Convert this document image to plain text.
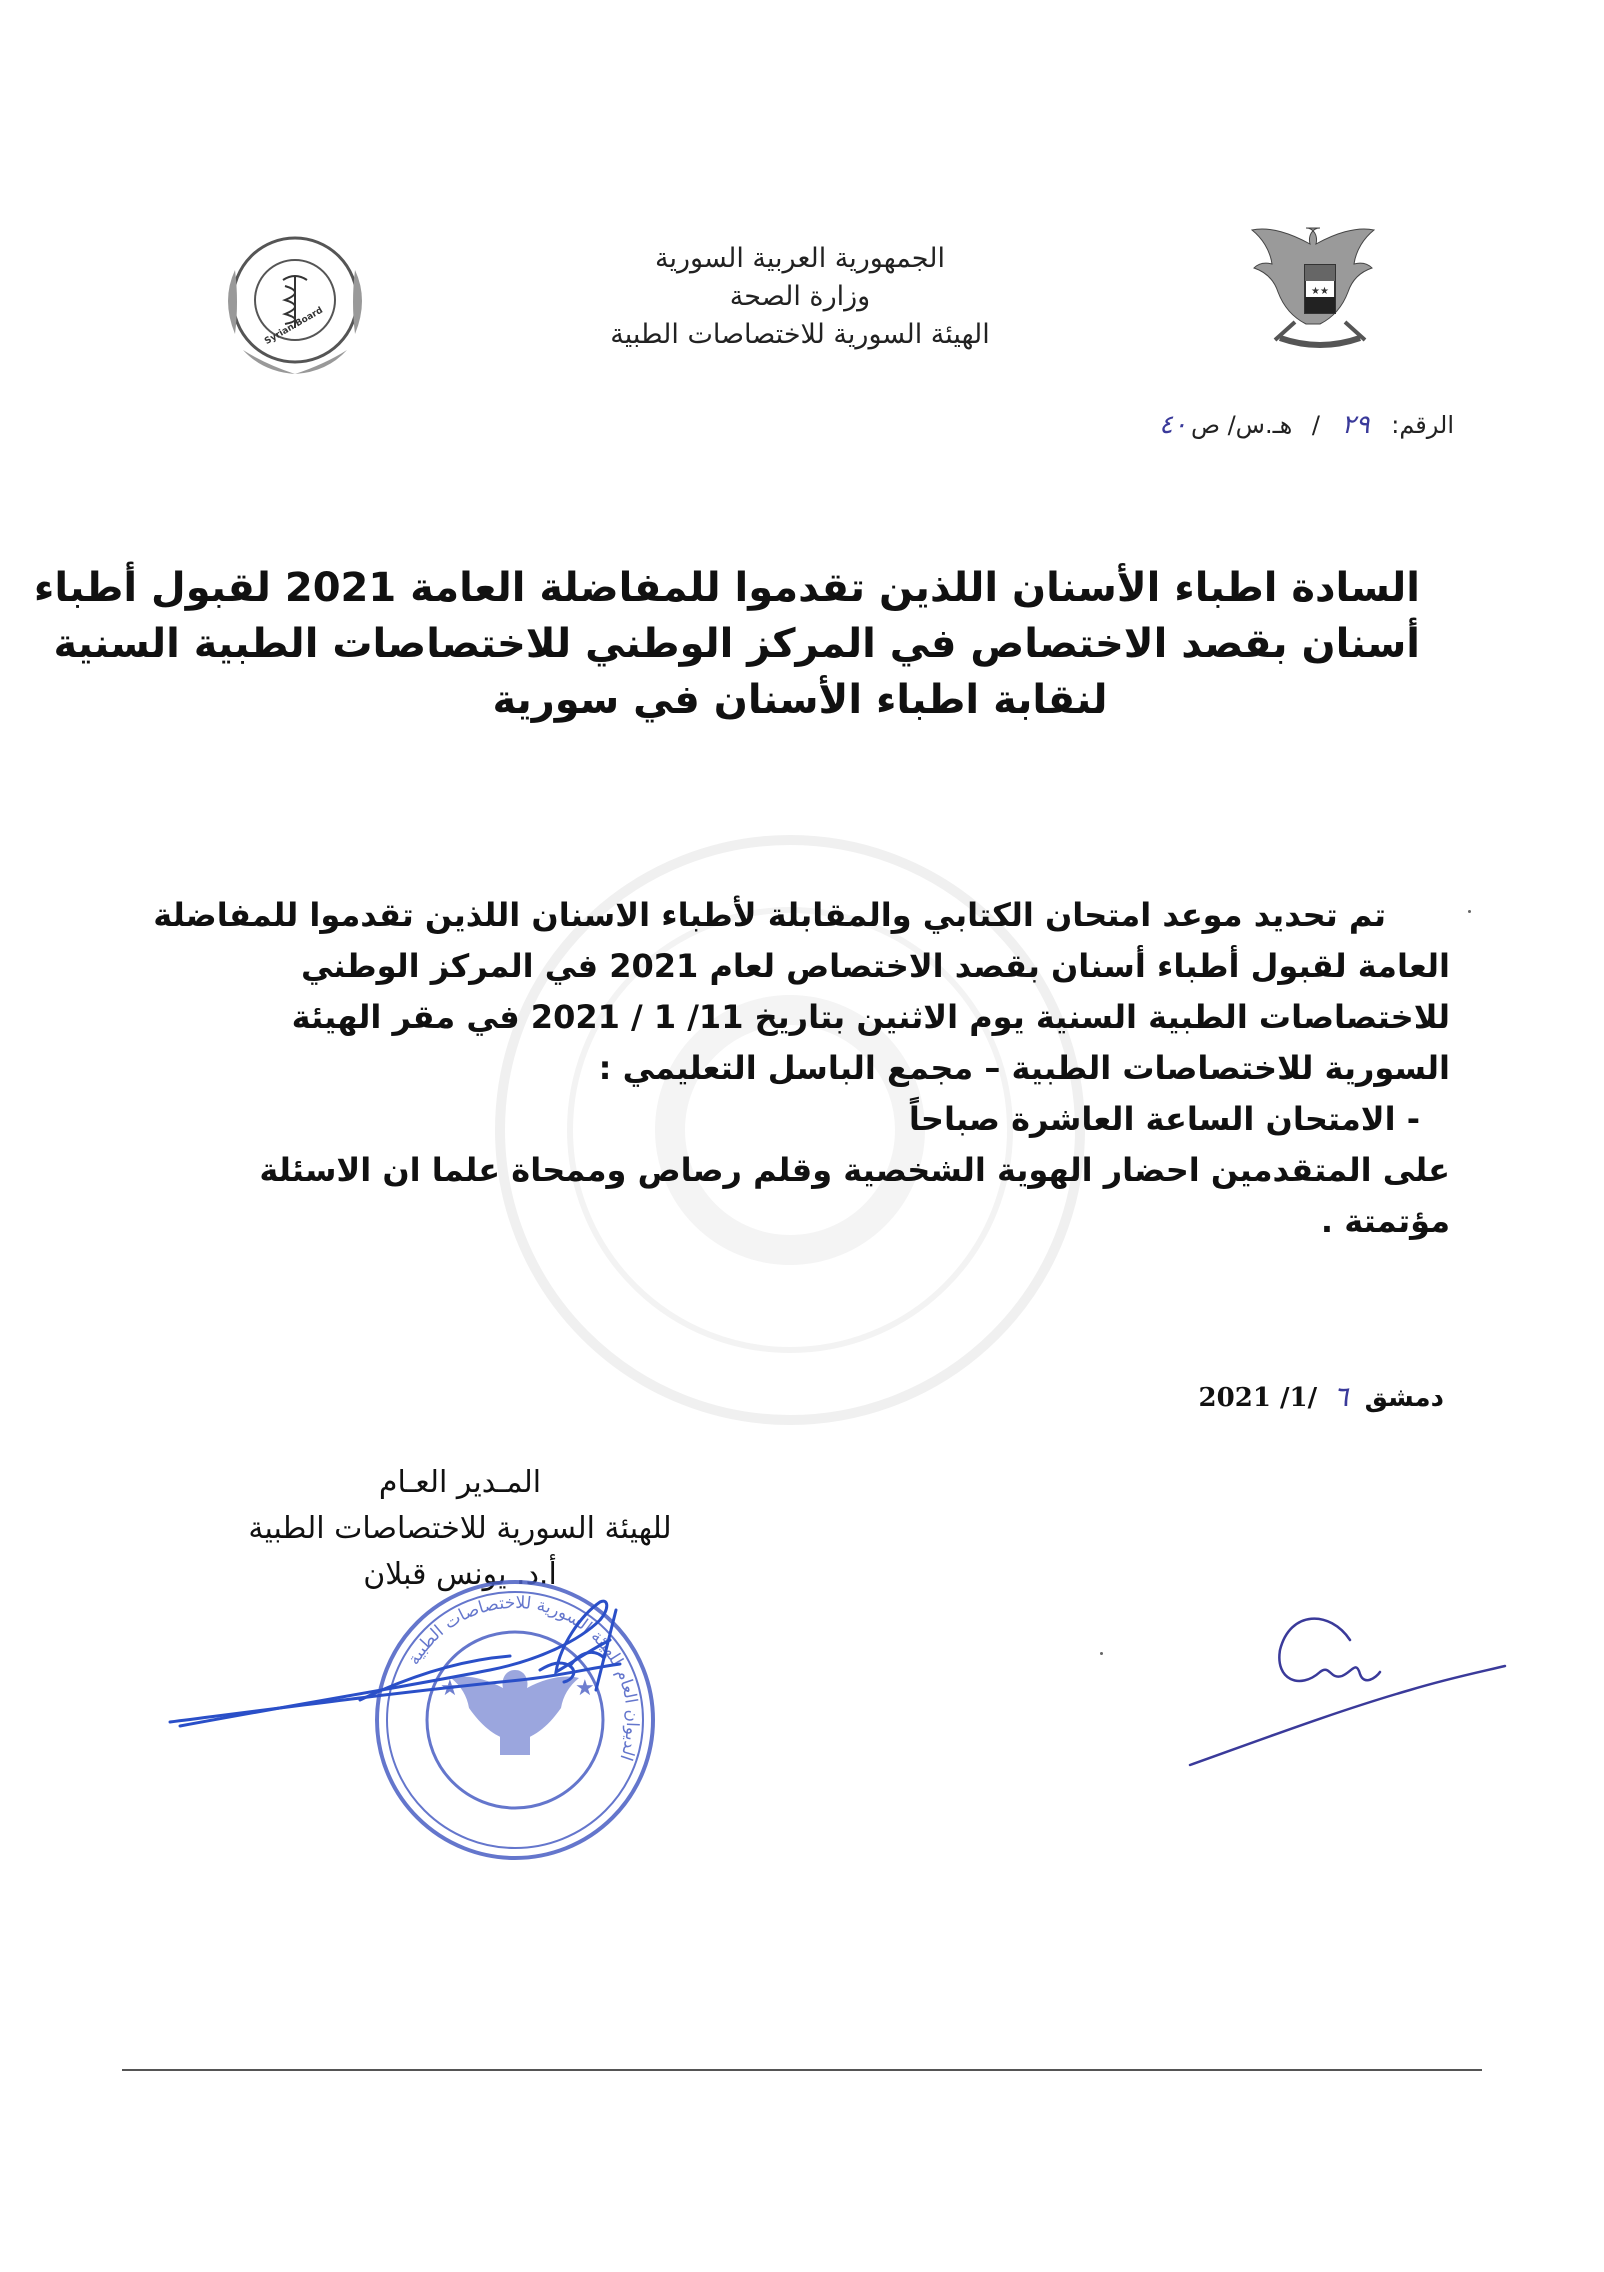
★★
Syrian Board
الجمهورية العربية السورية
وزارة الصحة
الهيئة السورية للاختصاصات الطبية
الرقم: ٢٩ / هـ.س/ ص٤٠
السادة اطباء الأسنان اللذين تقدموا للمفاضلة العامة 2021 لقبول أطباء
أسنان بقصد الاختصاص في المركز الوطني للاختصاصات الطبية السنية
لنقابة اطباء الأسنان في سورية
تم تحديد موعد امتحان الكتابي والمقابلة لأطباء الاسنان اللذين تقدموا للمفاضلة
العامة لقبول أطباء أسنان بقصد الاختصاص لعام 2021 في المركز الوطني
للاختصاصات الطبية السنية يوم الاثنين بتاريخ 11/ 1 / 2021 في مقر الهيئة
السورية للاختصاصات الطبية – مجمع الباسل التعليمي :
- الامتحان الساعة العاشرة صباحاً
على المتقدمين احضار الهوية الشخصية وقلم رصاص وممحاة علما ان الاسئلة
مؤتمتة .
دمشق ٦ /1/ 2021
المـدير العـام
للهيئة السورية للاختصاصات الطبية
أ.د. يونس قبلان
الديوان العام للهيئة السورية للاختصاصات الطبية
★	★
